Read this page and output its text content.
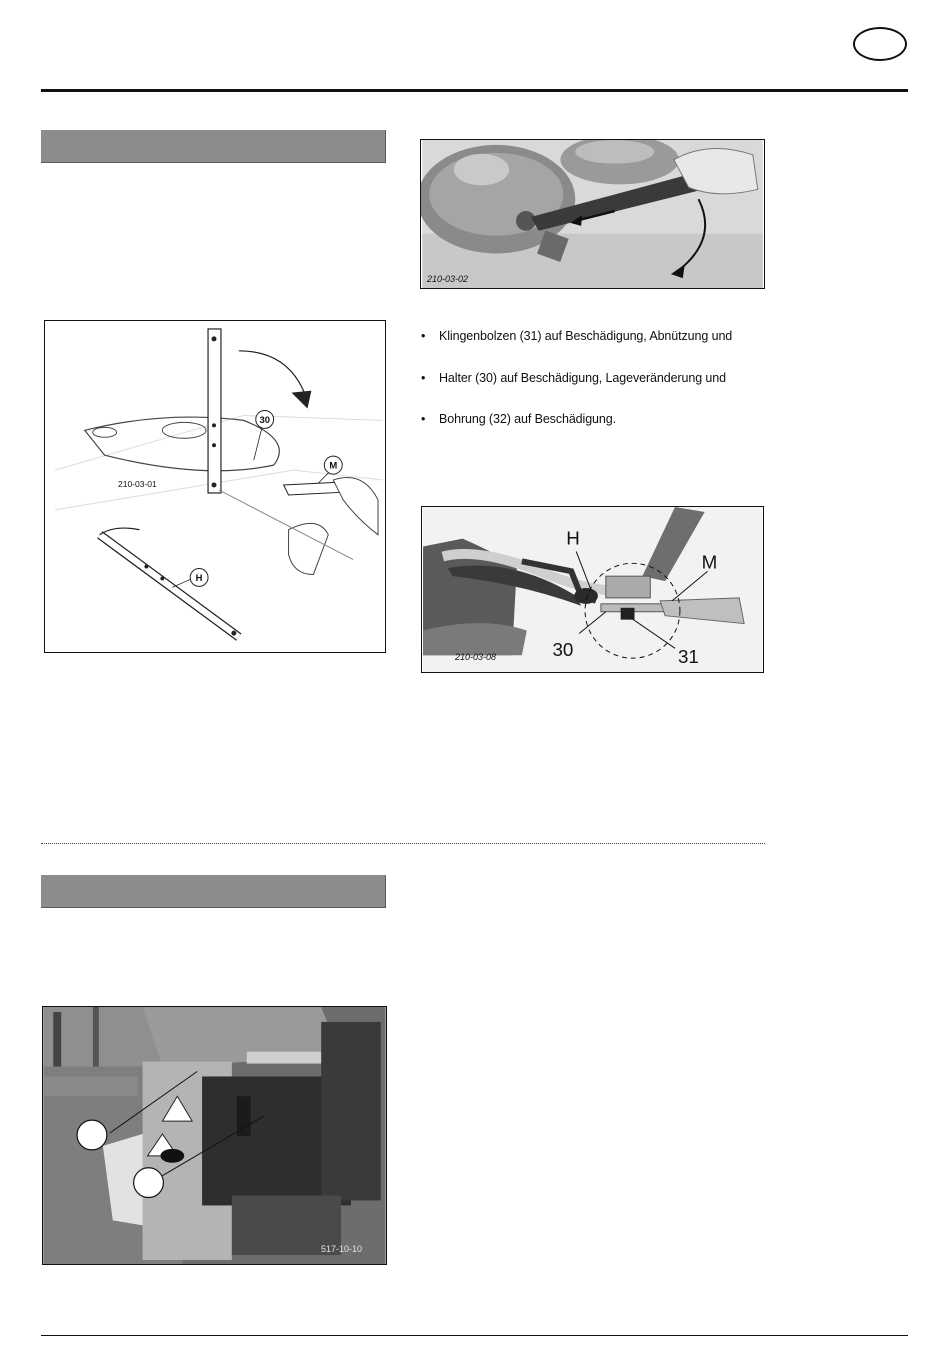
210-03-02
30
M
H
210-03-01
• Klingenbolzen (31) auf Beschädigung, Abnützung und
• Halter (30) auf Beschädigung, Lageveränderung und
• Bohrung (32) auf Beschädigung.
H
M
30	31
210-03-08
517-10-10
